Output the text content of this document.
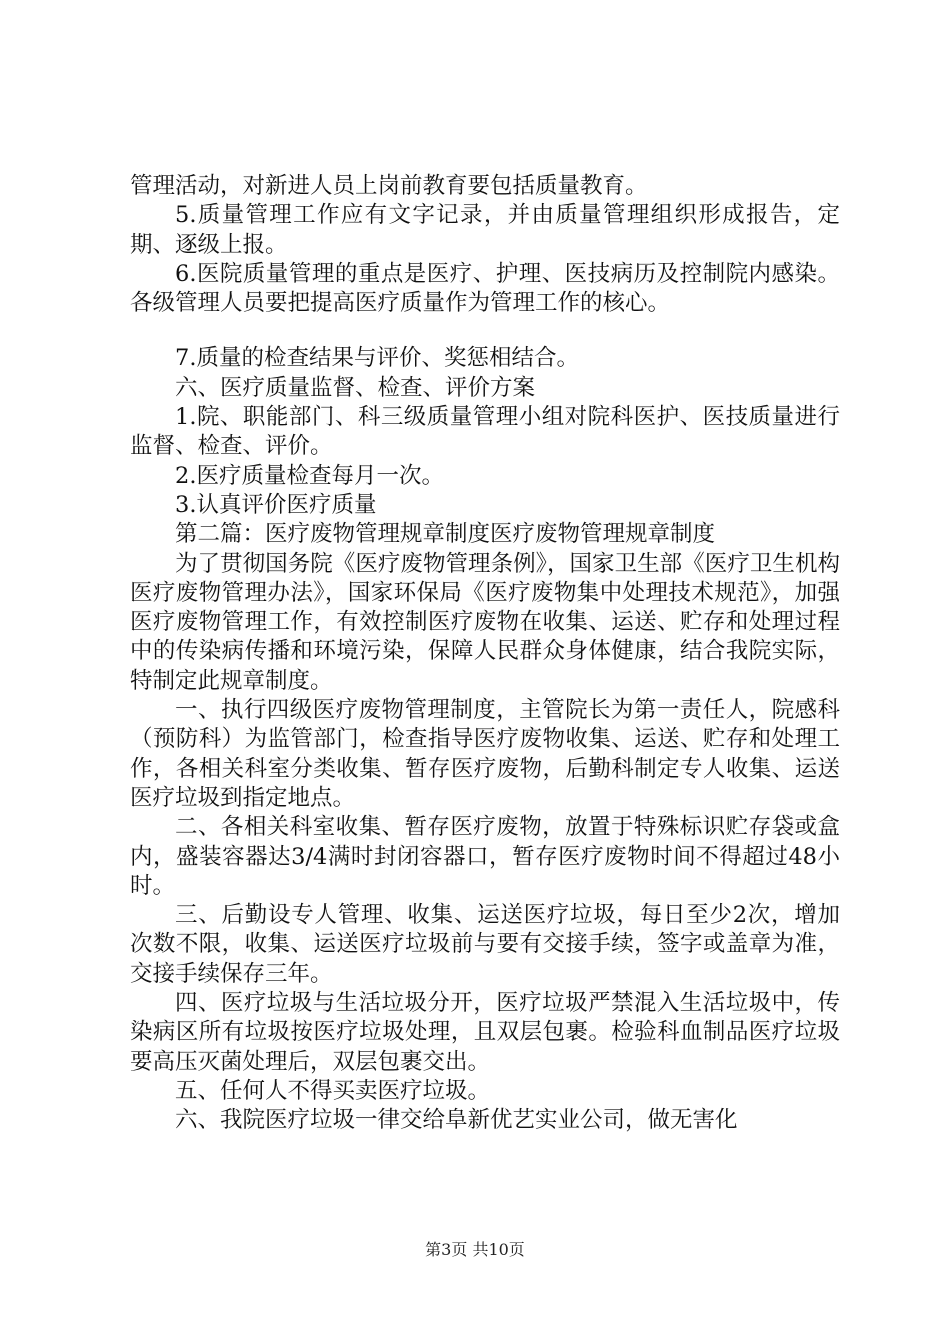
管理活动，对新进人员上岗前教育要包括质量教育。

5.质量管理工作应有文字记录，并由质量管理组织形成报告，定期、逐级上报。

6.医院质量管理的重点是医疗、护理、医技病历及控制院内感染。各级管理人员要把提高医疗质量作为管理工作的核心。

7.质量的检查结果与评价、奖惩相结合。

六、医疗质量监督、检查、评价方案

1.院、职能部门、科三级质量管理小组对院科医护、医技质量进行监督、检查、评价。

2.医疗质量检查每月一次。

3.认真评价医疗质量

第二篇：医疗废物管理规章制度医疗废物管理规章制度

为了贯彻国务院《医疗废物管理条例》，国家卫生部《医疗卫生机构医疗废物管理办法》，国家环保局《医疗废物集中处理技术规范》，加强医疗废物管理工作，有效控制医疗废物在收集、运送、贮存和处理过程中的传染病传播和环境污染，保障人民群众身体健康，结合我院实际，特制定此规章制度。

一、执行四级医疗废物管理制度，主管院长为第一责任人，院感科（预防科）为监管部门，检查指导医疗废物收集、运送、贮存和处理工作，各相关科室分类收集、暂存医疗废物，后勤科制定专人收集、运送医疗垃圾到指定地点。

二、各相关科室收集、暂存医疗废物，放置于特殊标识贮存袋或盒内，盛装容器达3/4满时封闭容器口，暂存医疗废物时间不得超过48小时。

三、后勤设专人管理、收集、运送医疗垃圾，每日至少2次，增加次数不限，收集、运送医疗垃圾前与要有交接手续，签字或盖章为准，交接手续保存三年。

四、医疗垃圾与生活垃圾分开，医疗垃圾严禁混入生活垃圾中，传染病区所有垃圾按医疗垃圾处理，且双层包裹。检验科血制品医疗垃圾要高压灭菌处理后，双层包裹交出。

五、任何人不得买卖医疗垃圾。

六、我院医疗垃圾一律交给阜新优艺实业公司，做无害化

第3页 共10页
